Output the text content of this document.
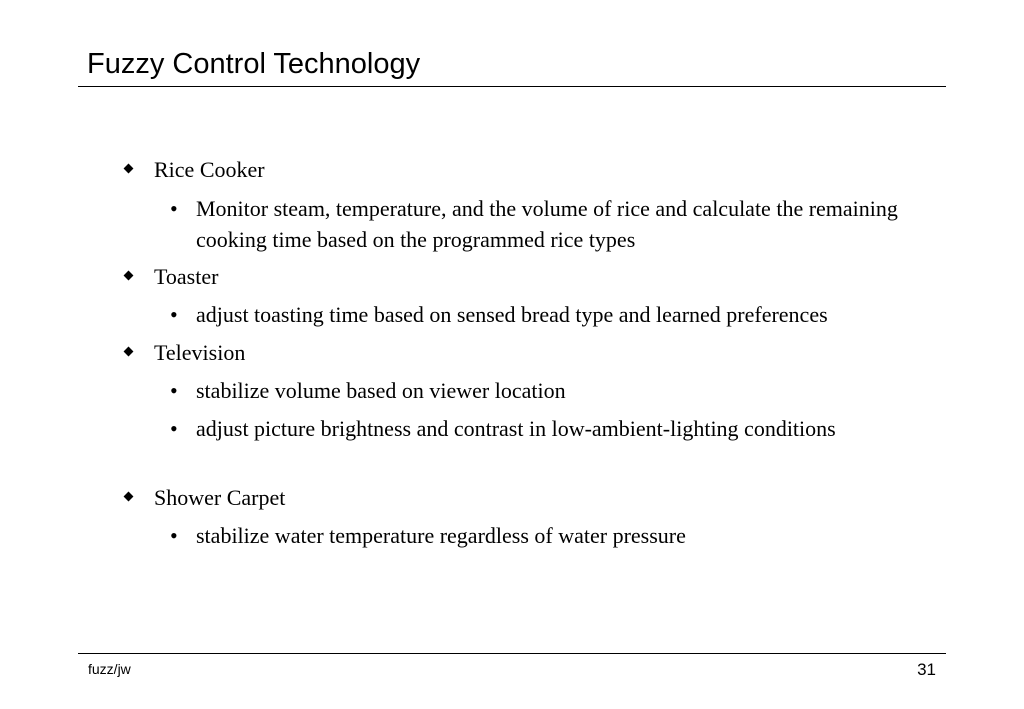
Fuzzy Control Technology
Rice Cooker
• Monitor steam, temperature, and the volume of rice and calculate the remaining cooking time based on the programmed rice types
Toaster
• adjust toasting time based on sensed bread type and learned preferences
Television
• stabilize volume based on viewer location
• adjust picture brightness and contrast in low-ambient-lighting conditions
Shower Carpet
• stabilize water temperature regardless of water pressure
fuzz/jw	31
